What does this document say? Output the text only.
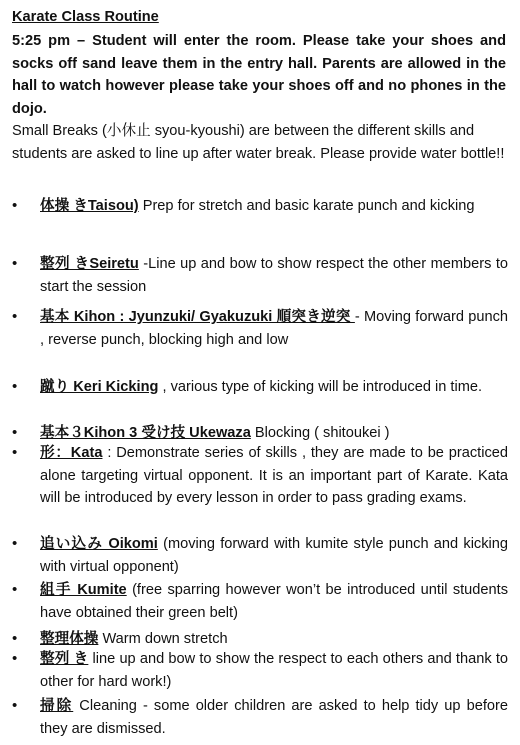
Karate Class Routine
5:25 pm – Student will enter the room. Please take your shoes and socks off sand leave them in the entry hall. Parents are allowed in the hall to watch however please take your shoes off and no phones in the dojo.
Small Breaks (小休止 syou-kyoushi) are between the different skills and students are asked to line up after water break. Please provide water bottle!!
• 体操 きTaisou) Prep for stretch and basic karate punch and kicking
• 整列 きSeiretu -Line up and bow to show respect the other members to start the session
• 基本 Kihon : Jyunzuki/ Gyakuzuki 順突き逆突 - Moving forward punch , reverse punch, blocking high and low
• 蹴り Keri Kicking , various type of kicking will be introduced in time.
• 基本３Kihon 3 受け技 Ukewaza Blocking ( shitoukei )
• 形：Kata : Demonstrate series of skills , they are made to be practiced alone targeting virtual opponent. It is an important part of Karate. Kata will be introduced by every lesson in order to pass grading exams.
• 追い込み Oikomi (moving forward with kumite style punch and kicking with virtual opponent)
• 組手 Kumite (free sparring however won’t be introduced until students have obtained their green belt)
• 整理体操 Warm down stretch
• 整列 き line up and bow to show the respect to each others and thank to other for hard work!)
• 掃除 Cleaning - some older children are asked to help tidy up before they are dismissed.
